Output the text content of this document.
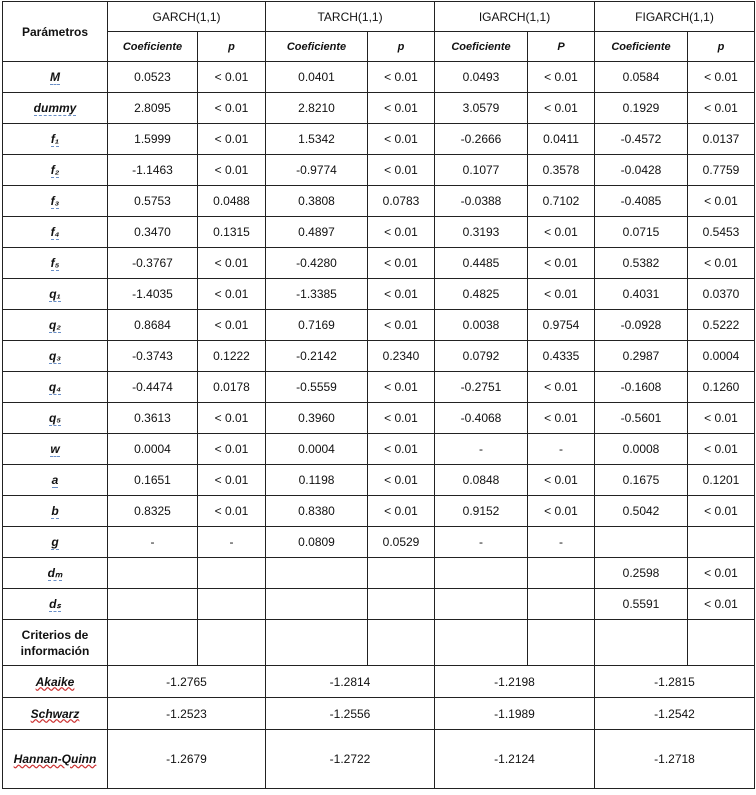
Parámetros	GARCH(1,1)		TARCH(1,1)		IGARCH(1,1)		FIGARCH(1,1)	
	Coeficiente	p	Coeficiente	p	Coeficiente	P	Coeficiente	p
M	0.0523	< 0.01	0.0401	< 0.01	0.0493	< 0.01	0.0584	< 0.01
dummy	2.8095	< 0.01	2.8210	< 0.01	3.0579	< 0.01	0.1929	< 0.01
f₁	1.5999	< 0.01	1.5342	< 0.01	-0.2666	0.0411	-0.4572	0.0137
f₂	-1.1463	< 0.01	-0.9774	< 0.01	0.1077	0.3578	-0.0428	0.7759
f₃	0.5753	0.0488	0.3808	0.0783	-0.0388	0.7102	-0.4085	< 0.01
f₄	0.3470	0.1315	0.4897	< 0.01	0.3193	< 0.01	0.0715	0.5453
f₅	-0.3767	< 0.01	-0.4280	< 0.01	0.4485	< 0.01	0.5382	< 0.01
q₁	-1.4035	< 0.01	-1.3385	< 0.01	0.4825	< 0.01	0.4031	0.0370
q₂	0.8684	< 0.01	0.7169	< 0.01	0.0038	0.9754	-0.0928	0.5222
q₃	-0.3743	0.1222	-0.2142	0.2340	0.0792	0.4335	0.2987	0.0004
q₄	-0.4474	0.0178	-0.5559	< 0.01	-0.2751	< 0.01	-0.1608	0.1260
q₅	0.3613	< 0.01	0.3960	< 0.01	-0.4068	< 0.01	-0.5601	< 0.01
w	0.0004	< 0.01	0.0004	< 0.01	-	-	0.0008	< 0.01
a	0.1651	< 0.01	0.1198	< 0.01	0.0848	< 0.01	0.1675	0.1201
b	0.8325	< 0.01	0.8380	< 0.01	0.9152	< 0.01	0.5042	< 0.01
g	-	-	0.0809	0.0529	-	-		
dₘ							0.2598	< 0.01
dₛ							0.5591	< 0.01
Criterios de información								
Akaike	-1.2765		-1.2814		-1.2198		-1.2815	
Schwarz	-1.2523		-1.2556		-1.1989		-1.2542	
Hannan-Quinn	-1.2679		-1.2722		-1.2124		-1.2718	
